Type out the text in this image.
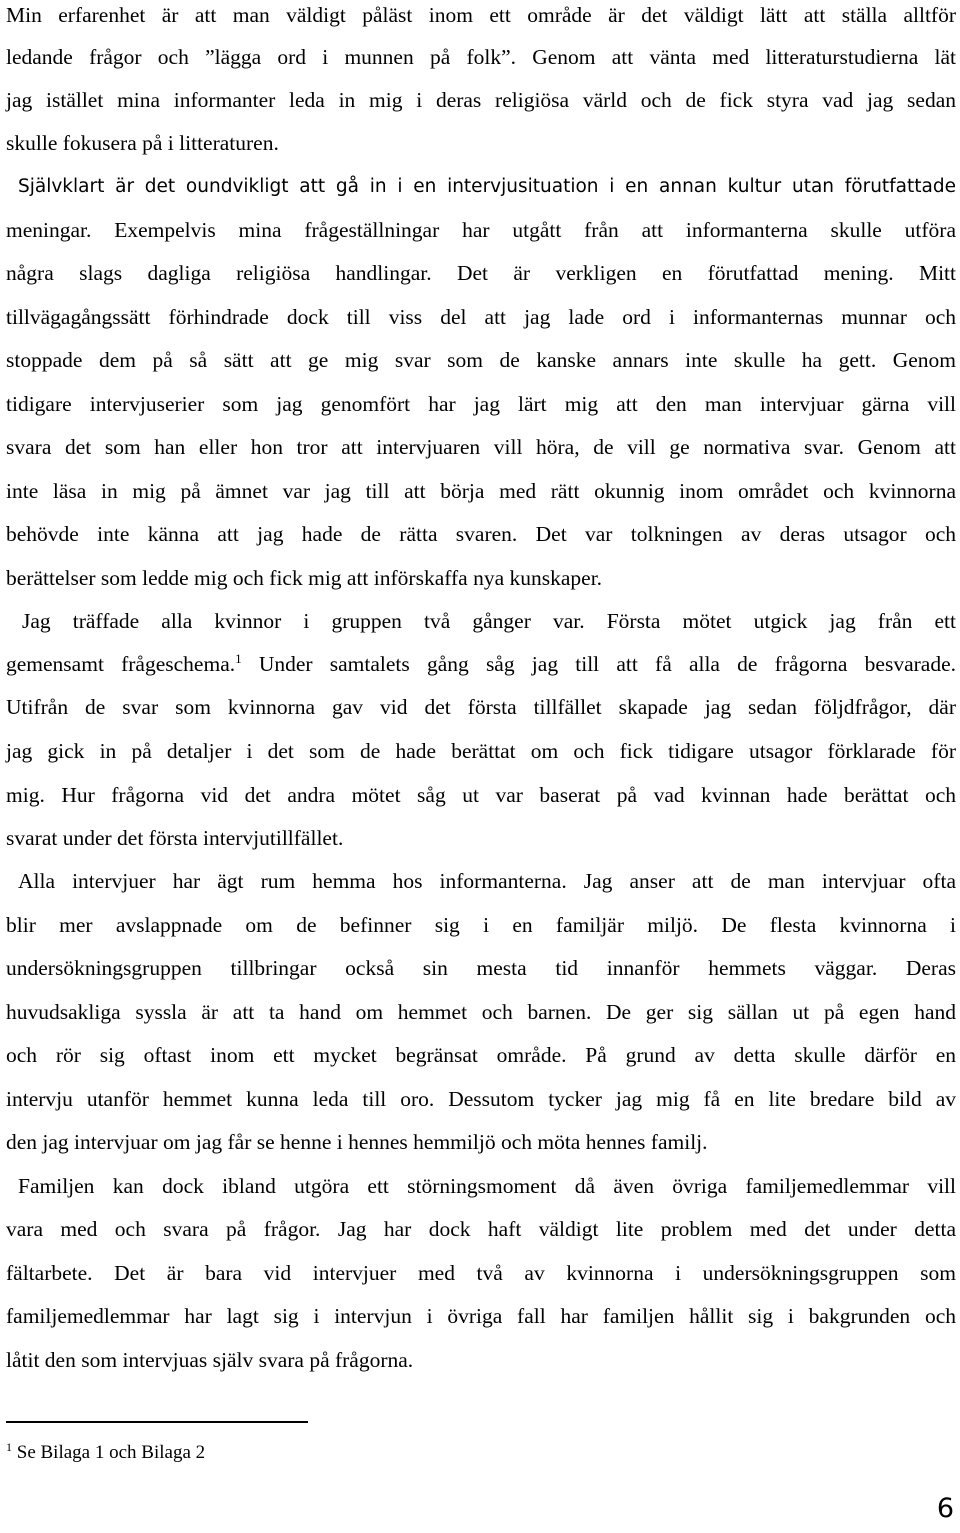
Min erfarenhet är att man väldigt påläst inom ett område är det väldigt lätt att ställa alltför
ledande frågor och ”lägga ord i munnen på folk”. Genom att vänta med litteraturstudierna lät
jag istället mina informanter leda in mig i deras religiösa värld och de fick styra vad jag sedan
skulle fokusera på i litteraturen.
Självklart är det oundvikligt att gå in i en intervjusituation i en annan kultur utan förutfattade
meningar. Exempelvis mina frågeställningar har utgått från att informanterna skulle utföra
några slags dagliga religiösa handlingar. Det är verkligen en förutfattad mening. Mitt
tillvägagångssätt förhindrade dock till viss del att jag lade ord i informanternas munnar och
stoppade dem på så sätt att ge mig svar som de kanske annars inte skulle ha gett. Genom
tidigare intervjuserier som jag genomfört har jag lärt mig att den man intervjuar gärna vill
svara det som han eller hon tror att intervjuaren vill höra, de vill ge normativa svar. Genom att
inte läsa in mig på ämnet var jag till att börja med rätt okunnig inom området och kvinnorna
behövde inte känna att jag hade de rätta svaren. Det var tolkningen av deras utsagor och
berättelser som ledde mig och fick mig att införskaffa nya kunskaper.
Jag träffade alla kvinnor i gruppen två gånger var. Första mötet utgick jag från ett
gemensamt frågeschema.$^1$ Under samtalets gång såg jag till att få alla de frågorna besvarade.
Utifrån de svar som kvinnorna gav vid det första tillfället skapade jag sedan följdfrågor, där
jag gick in på detaljer i det som de hade berättat om och fick tidigare utsagor förklarade för
mig. Hur frågorna vid det andra mötet såg ut var baserat på vad kvinnan hade berättat och
svarat under det första intervjutillfället.
Alla intervjuer har ägt rum hemma hos informanterna. Jag anser att de man intervjuar ofta
blir mer avslappnade om de befinner sig i en familjär miljö. De flesta kvinnorna i
undersökningsgruppen tillbringar också sin mesta tid innanför hemmets väggar. Deras
huvudsakliga syssla är att ta hand om hemmet och barnen. De ger sig sällan ut på egen hand
och rör sig oftast inom ett mycket begränsat område. På grund av detta skulle därför en
intervju utanför hemmet kunna leda till oro. Dessutom tycker jag mig få en lite bredare bild av
den jag intervjuar om jag får se henne i hennes hemmiljö och möta hennes familj.
Familjen kan dock ibland utgöra ett störningsmoment då även övriga familjemedlemmar vill
vara med och svara på frågor. Jag har dock haft väldigt lite problem med det under detta
fältarbete. Det är bara vid intervjuer med två av kvinnorna i undersökningsgruppen som
familjemedlemmar har lagt sig i intervjun i övriga fall har familjen hållit sig i bakgrunden och
låtit den som intervjuas själv svara på frågorna.
$^1$ Se Bilaga 1 och Bilaga 2
6
